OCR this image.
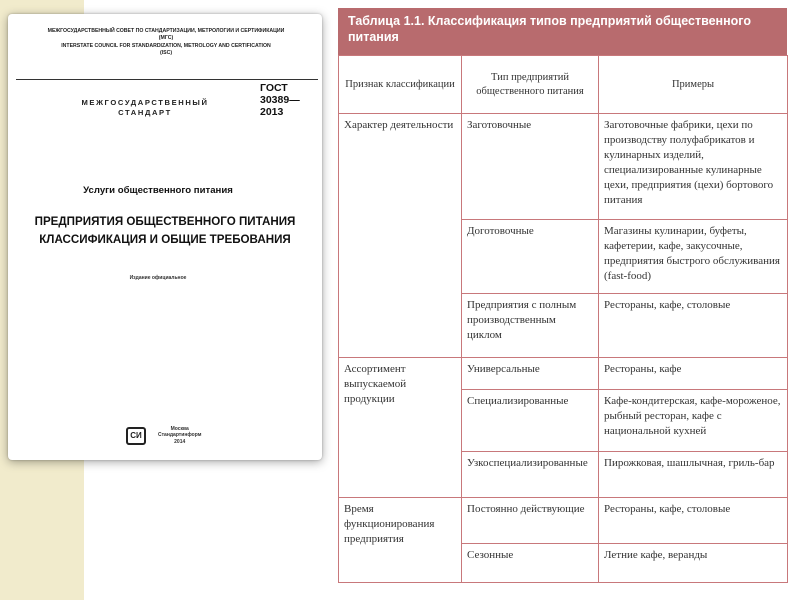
МЕЖГОСУДАРСТВЕННЫЙ СОВЕТ ПО СТАНДАРТИЗАЦИИ, МЕТРОЛОГИИ И СЕРТИФИКАЦИИ
(МГС)
INTERSTATE COUNCIL FOR STANDARDIZATION, METROLOGY AND CERTIFICATION
(ISC)
МЕЖГОСУДАРСТВЕННЫЙ
СТАНДАРТ
ГОСТ
30389—
2013
Услуги общественного питания
ПРЕДПРИЯТИЯ ОБЩЕСТВЕННОГО ПИТАНИЯ
КЛАССИФИКАЦИЯ И ОБЩИЕ ТРЕБОВАНИЯ
Издание официальное
СИ
Москва
Стандартинформ
2014
Таблица 1.1. Классификация типов предприятий общественного питания
Признак классификации	Тип предприятий общественного питания	Примеры
Характер деятельности	Заготовочные	Заготовочные фабрики, цехи по производству полуфабрикатов и кулинарных изделий, специализированные кулинарные цехи, предприятия (цехи) бортового питания
	Доготовочные	Магазины кулинарии, буфеты, кафетерии, кафе, закусочные, предприятия быстрого обслуживания (fast-food)
	Предприятия с полным производственным циклом	Рестораны, кафе, столовые
Ассортимент выпускаемой продукции	Универсальные	Рестораны, кафе
	Специализированные	Кафе-кондитерская, кафе-мороженое, рыбный ресторан, кафе с национальной кухней
	Узкоспециализированные	Пирожковая, шашлычная, гриль-бар
Время функционирования предприятия	Постоянно действующие	Рестораны, кафе, столовые
	Сезонные	Летние кафе, веранды
